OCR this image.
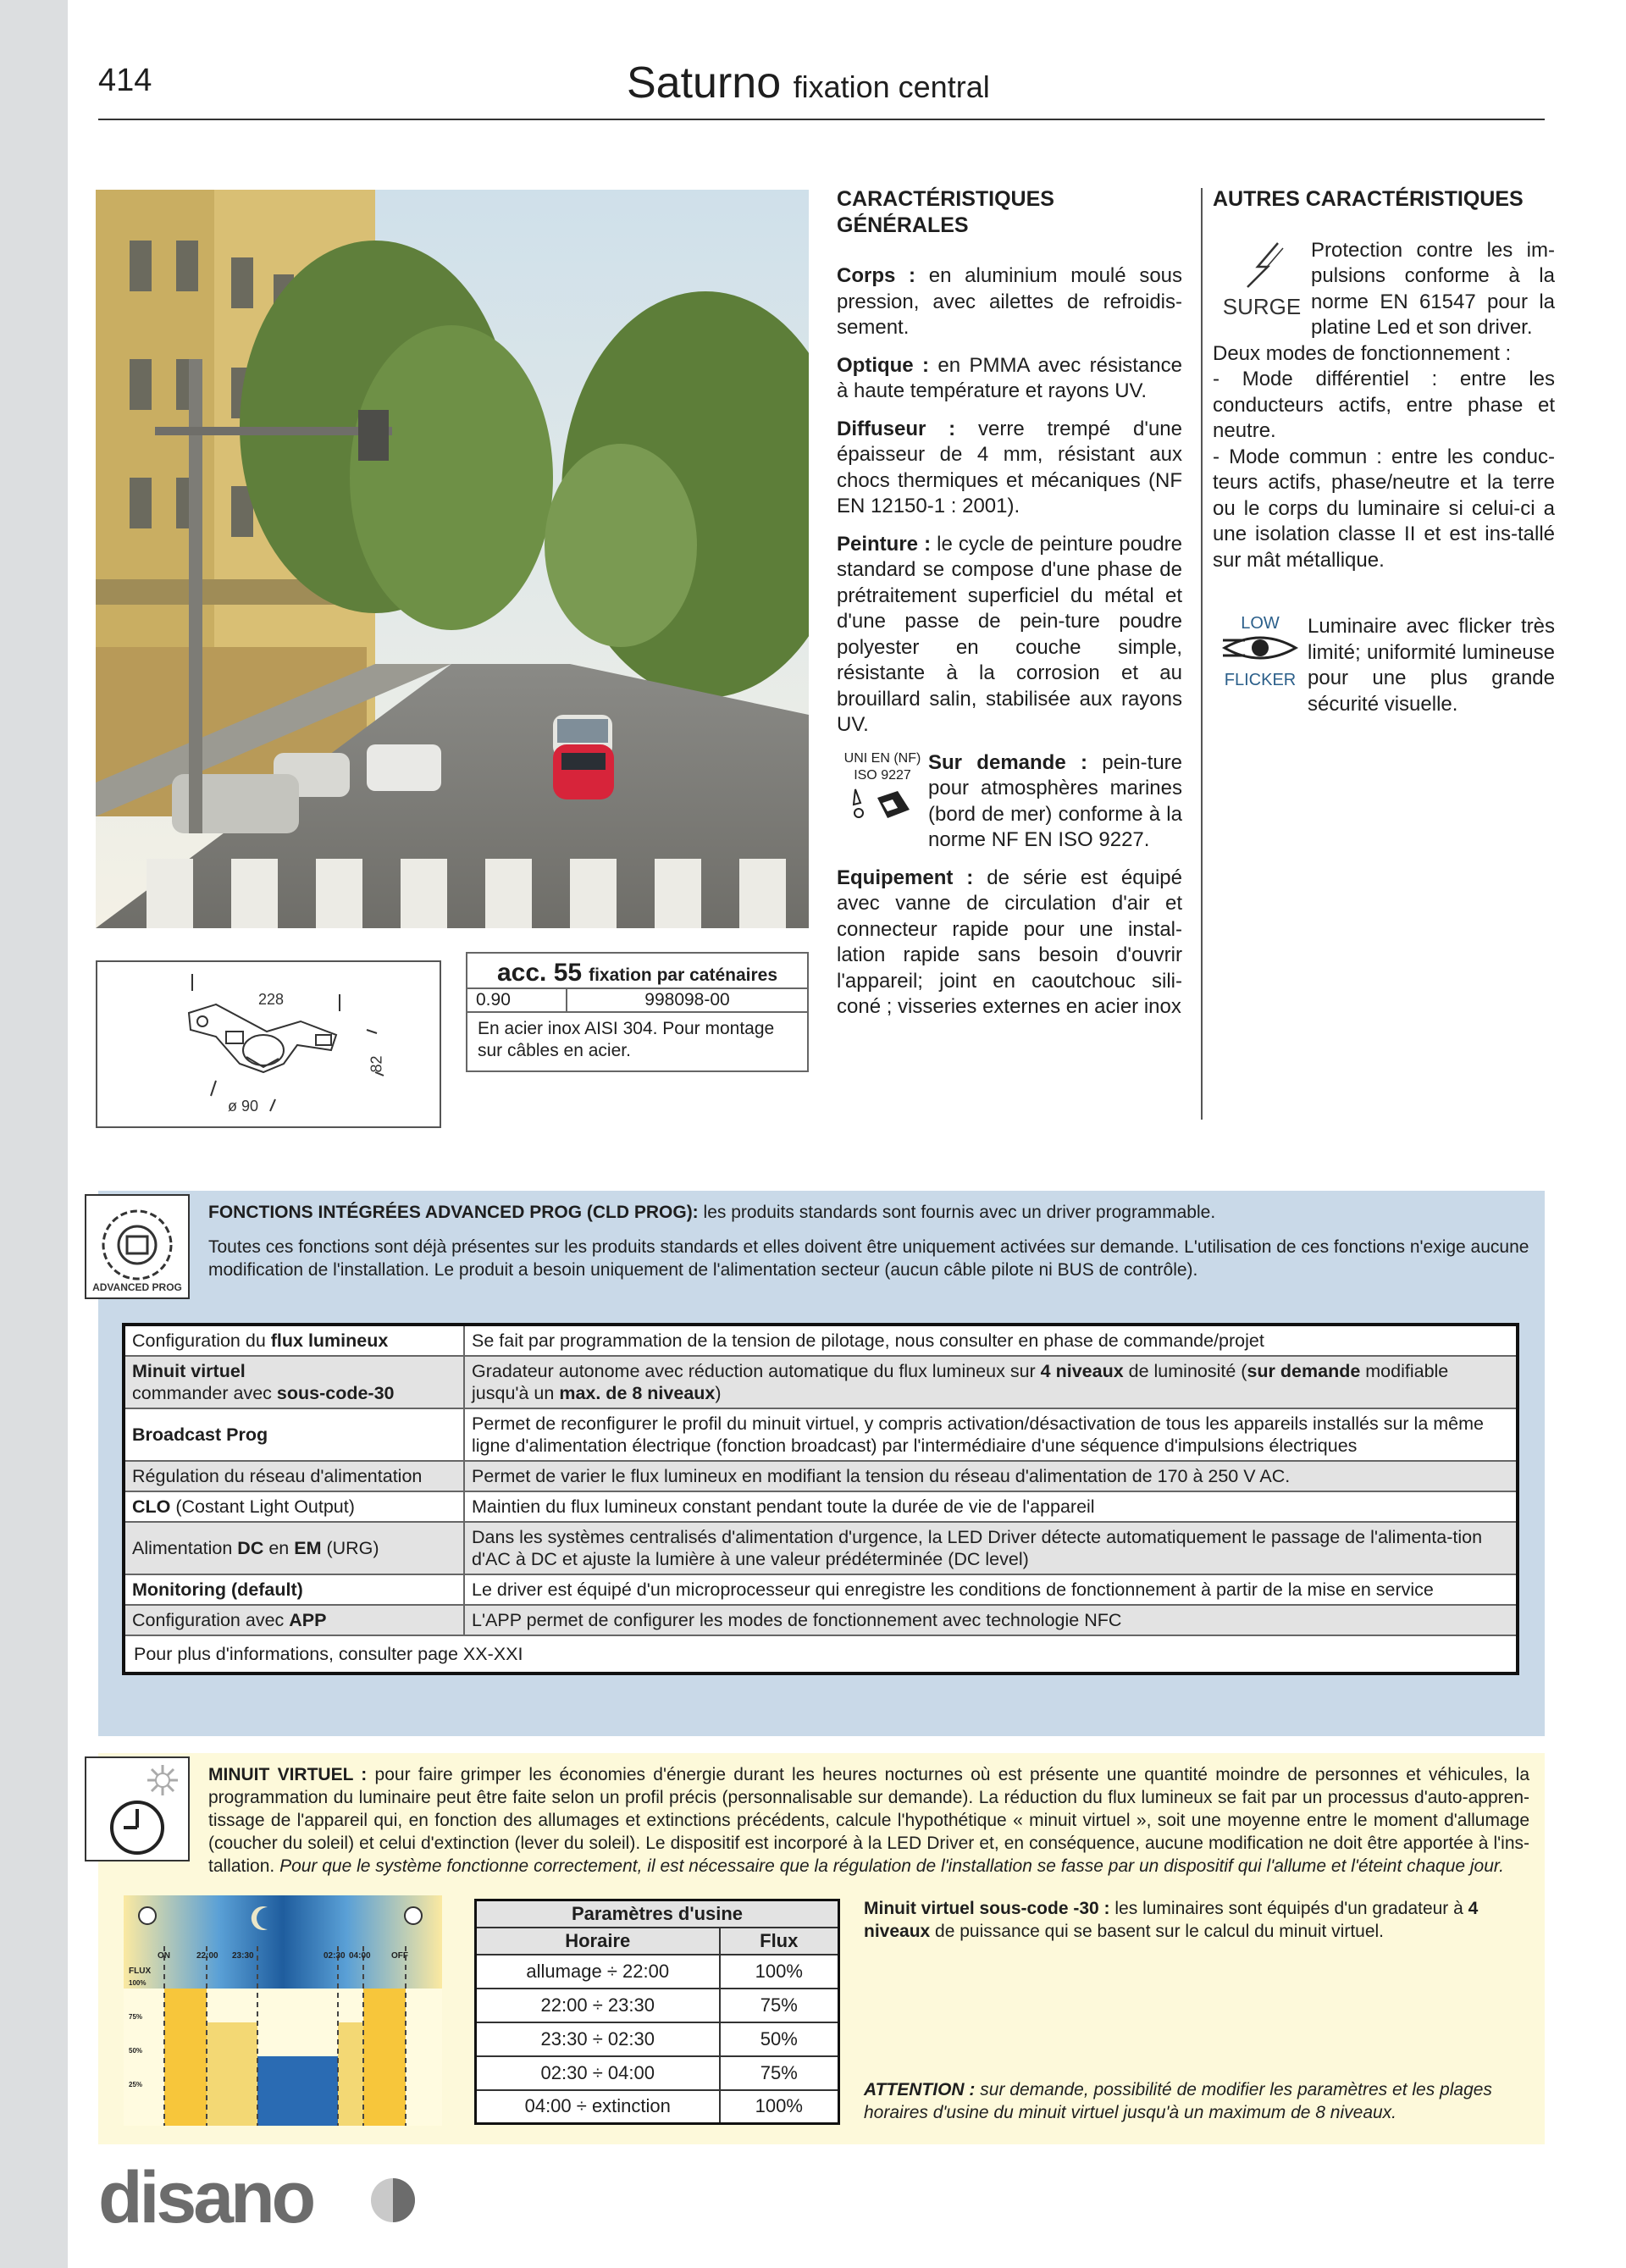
414	Saturno fixation central
228
82
ø 90
acc. 55 fixation par caténaires
0.90	998098-00
En acier inox AISI 304. Pour montage sur câbles en acier.
CARACTÉRISTIQUES GÉNÉRALES

Corps : en aluminium moulé sous pression, avec ailettes de refroidis-sement.

Optique : en PMMA avec résistance à haute température et rayons UV.

Diffuseur : verre trempé d'une épaisseur de 4 mm, résistant aux chocs thermiques et mécaniques (NF EN 12150-1 : 2001).

Peinture : le cycle de peinture poudre standard se compose d'une phase de prétraitement superficiel du métal et d'une passe de pein-ture poudre polyester en couche simple, résistante à la corrosion et au brouillard salin, stabilisée aux rayons UV.

UNI EN (NF)
ISO 9227
Sur demande : pein-ture pour atmosphères marines (bord de mer) conforme à la norme NF EN ISO 9227.

Equipement : de série est équipé avec vanne de circulation d'air et connecteur rapide pour une instal-lation rapide sans besoin d'ouvrir l'appareil; joint en caoutchouc sili-coné ; visseries externes en acier inox

AUTRES CARACTÉRISTIQUES
SURGE
Protection contre les im-pulsions conforme à la norme EN 61547 pour la platine Led et son driver.

Deux modes de fonctionnement :

- Mode différentiel : entre les conducteurs actifs, entre phase et neutre.

- Mode commun : entre les conduc-teurs actifs, phase/neutre et la terre ou le corps du luminaire si celui-ci a une isolation classe II et est ins-tallé sur mât métallique.

LOW
FLICKER
Luminaire avec flicker très limité; uniformité lumineuse pour une plus grande sécurité visuelle.
ADVANCED PROG

FONCTIONS INTÉGRÉES ADVANCED PROG (CLD PROG): les produits standards sont fournis avec un driver programmable.

Toutes ces fonctions sont déjà présentes sur les produits standards et elles doivent être uniquement activées sur demande. L'utilisation de ces fonctions n'exige aucune modification de l'installation. Le produit a besoin uniquement de l'alimentation secteur (aucun câble pilote ni BUS de contrôle).

Configuration du flux lumineux	Se fait par programmation de la tension de pilotage, nous consulter en phase de commande/projet
Minuit virtuel
commander avec sous-code-30	Gradateur autonome avec réduction automatique du flux lumineux sur 4 niveaux de luminosité (sur demande modifiable jusqu'à un max. de 8 niveaux)
Broadcast Prog	Permet de reconfigurer le profil du minuit virtuel, y compris activation/désactivation de tous les appareils installés sur la même ligne d'alimentation électrique (fonction broadcast) par l'intermédiaire d'une séquence d'impulsions électriques
Régulation du réseau d'alimentation	Permet de varier le flux lumineux en modifiant la tension du réseau d'alimentation de 170 à 250 V AC.
CLO (Costant Light Output)	Maintien du flux lumineux constant pendant toute la durée de vie de l'appareil
Alimentation DC en EM (URG)	Dans les systèmes centralisés d'alimentation d'urgence, la LED Driver détecte automatiquement le passage de l'alimenta-tion d'AC à DC et ajuste la lumière à une valeur prédéterminée (DC level)
Monitoring (default)	Le driver est équipé d'un microprocesseur qui enregistre les conditions de fonctionnement à partir de la mise en service
Configuration avec APP	L'APP permet de configurer les modes de fonctionnement avec technologie NFC
Pour plus d'informations, consulter page XX-XXI	
MINUIT VIRTUEL : pour faire grimper les économies d'énergie durant les heures nocturnes où est présente une quantité moindre de personnes et véhicules, la programmation du luminaire peut être faite selon un profil précis (personnalisable sur demande). La réduction du flux lumineux se fait par un processus d'auto-appren-tissage de l'appareil qui, en fonction des allumages et extinctions précédents, calcule l'hypothétique « minuit virtuel », soit une moyenne entre le moment d'allumage (coucher du soleil) et celui d'extinction (lever du soleil). Le dispositif est incorporé à la LED Driver et, en conséquence, aucune modification ne doit être apportée à l'ins-tallation. Pour que le système fonctionne correctement, il est nécessaire que la régulation de l'installation se fasse par un dispositif qui l'allume et l'éteint chaque jour.
ON	22:00 23:30	02:30 04:00 OFF
FLUX
100%
75%
50%
25%
Paramètres d'usine	
Horaire	Flux
allumage ÷ 22:00	100%
22:00 ÷ 23:30	75%
23:30 ÷ 02:30	50%
02:30 ÷ 04:00	75%
04:00 ÷ extinction	100%
Minuit virtuel sous-code -30 : les luminaires sont équipés d'un gradateur à 4 niveaux de puissance qui se basent sur le calcul du minuit virtuel.
ATTENTION : sur demande, possibilité de modifier les paramètres et les plages horaires d'usine du minuit virtuel jusqu'à un maximum de 8 niveaux.
disano
